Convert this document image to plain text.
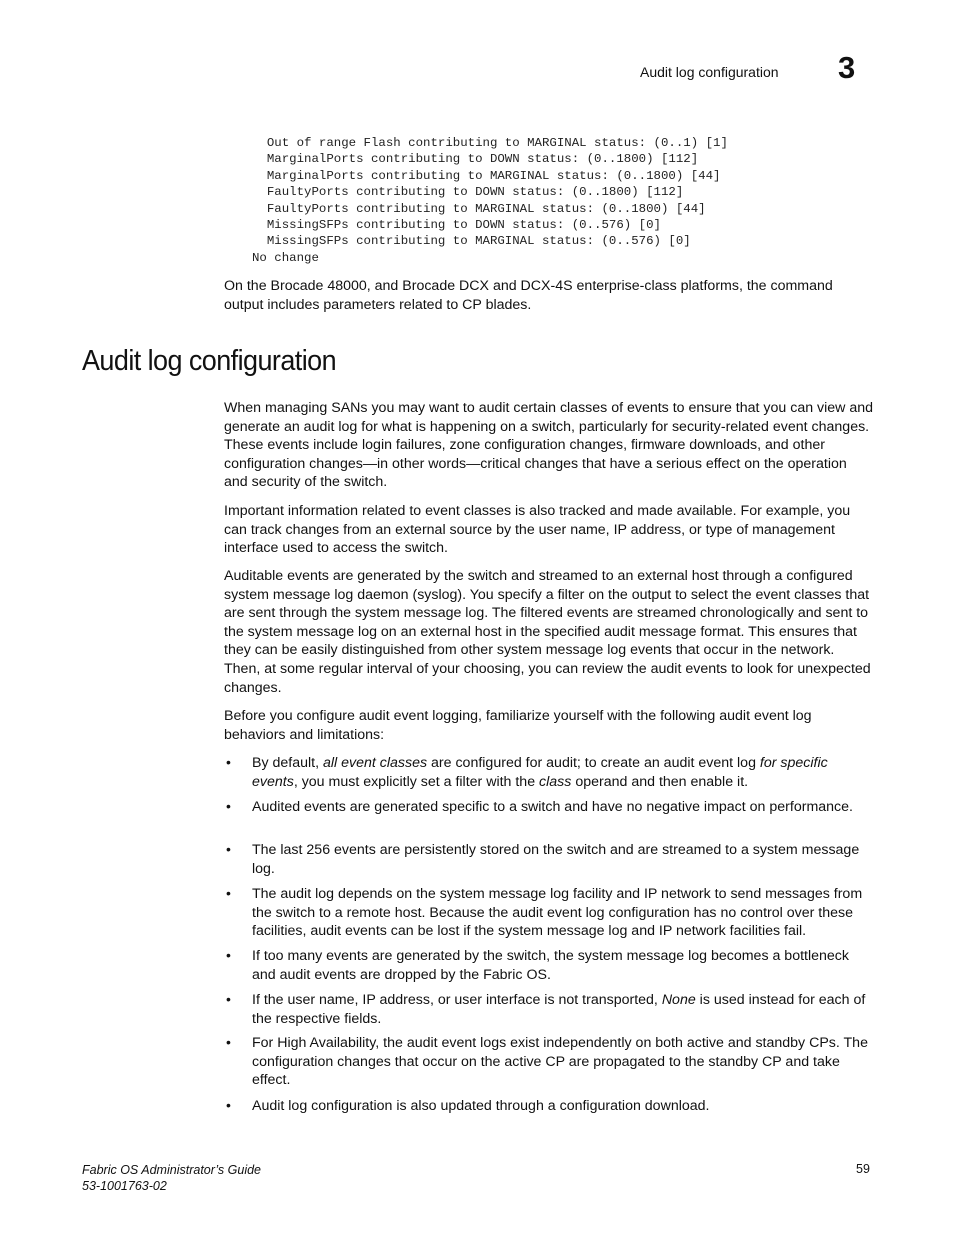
Audit log configuration 3
Out of range Flash contributing to MARGINAL status: (0..1) [1]
MarginalPorts contributing to DOWN status: (0..1800) [112]
MarginalPorts contributing to MARGINAL status: (0..1800) [44]
FaultyPorts contributing to DOWN status: (0..1800) [112]
FaultyPorts contributing to MARGINAL status: (0..1800) [44]
MissingSFPs contributing to DOWN status: (0..576) [0]
MissingSFPs contributing to MARGINAL status: (0..576) [0]
No change

On the Brocade 48000, and Brocade DCX and DCX-4S enterprise-class platforms, the command output includes parameters related to CP blades.

Audit log configuration

When managing SANs you may want to audit certain classes of events to ensure that you can view and generate an audit log for what is happening on a switch, particularly for security-related event changes. These events include login failures, zone configuration changes, firmware downloads, and other configuration changes—in other words—critical changes that have a serious effect on the operation and security of the switch.

Important information related to event classes is also tracked and made available. For example, you can track changes from an external source by the user name, IP address, or type of management interface used to access the switch.

Auditable events are generated by the switch and streamed to an external host through a configured system message log daemon (syslog). You specify a filter on the output to select the event classes that are sent through the system message log. The filtered events are streamed chronologically and sent to the system message log on an external host in the specified audit message format. This ensures that they can be easily distinguished from other system message log events that occur in the network. Then, at some regular interval of your choosing, you can review the audit events to look for unexpected changes.

Before you configure audit event logging, familiarize yourself with the following audit event log behaviors and limitations:

• By default, all event classes are configured for audit; to create an audit event log for specific events, you must explicitly set a filter with the class operand and then enable it.

• Audited events are generated specific to a switch and have no negative impact on performance.

• The last 256 events are persistently stored on the switch and are streamed to a system message log.

• The audit log depends on the system message log facility and IP network to send messages from the switch to a remote host. Because the audit event log configuration has no control over these facilities, audit events can be lost if the system message log and IP network facilities fail.

• If too many events are generated by the switch, the system message log becomes a bottleneck and audit events are dropped by the Fabric OS.

• If the user name, IP address, or user interface is not transported, None is used instead for each of the respective fields.

• For High Availability, the audit event logs exist independently on both active and standby CPs. The configuration changes that occur on the active CP are propagated to the standby CP and take effect.

• Audit log configuration is also updated through a configuration download.

Fabric OS Administrator’s Guide
53-1001763-02
59
